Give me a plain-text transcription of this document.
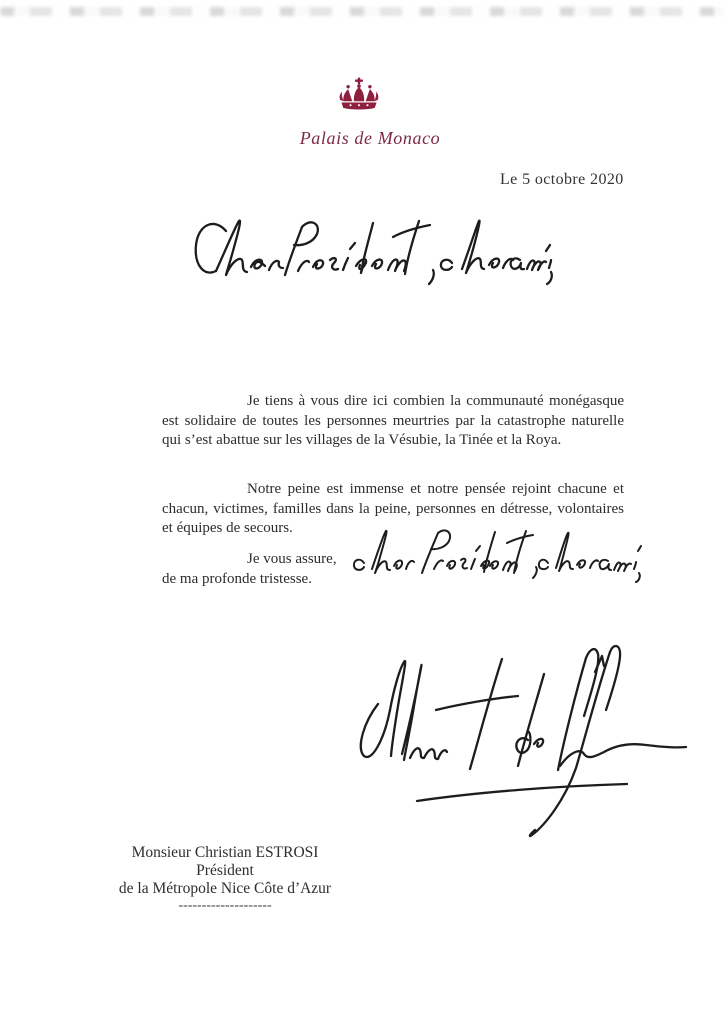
Palais de Monaco
Le 5 octobre 2020

Je tiens à vous dire ici combien la communauté monégasque est solidaire de toutes les personnes meurtries par la catastrophe naturelle qui s’est abattue sur les villages de la Vésubie, la Tinée et la Roya.

Notre peine est immense et notre pensée rejoint chacune et chacun, victimes, familles dans la peine, personnes en détresse, volontaires et équipes de secours.

Je vous assure,

de ma profonde tristesse.

Monsieur Christian ESTROSI
Président
de la Métropole Nice Côte d’Azur
--------------------
